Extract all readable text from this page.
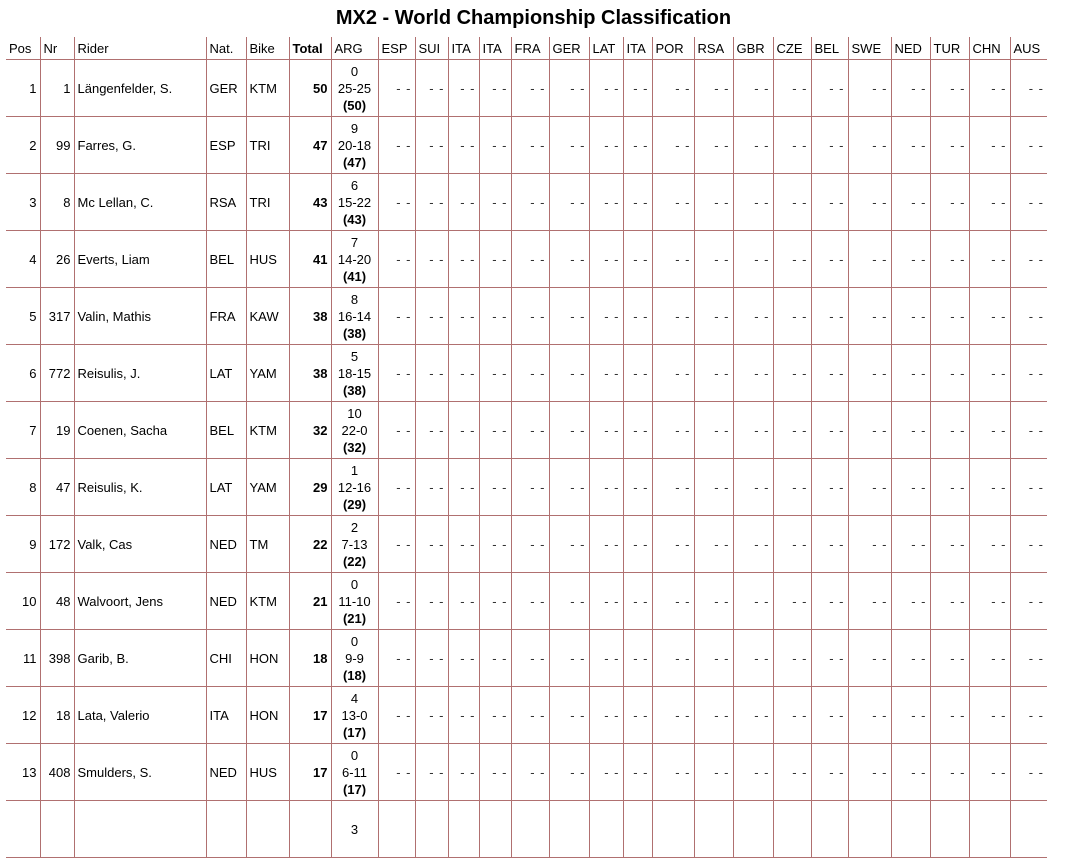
MX2 - World Championship Classification
Pos	Nr	Rider	Nat.	Bike	Total	ARG	ESP	SUI	ITA	ITA	FRA	GER	LAT	ITA	POR	RSA	GBR	CZE	BEL	SWE	NED	TUR	CHN	AUS
1	1	Längenfelder, S.	GER	KTM	50	0
25-25
(50)	- -	- -	- -	- -	- -	- -	- -	- -	- -	- -	- -	- -	- -	- -	- -	- -	- -	- -
2	99	Farres, G.	ESP	TRI	47	9
20-18
(47)	- -	- -	- -	- -	- -	- -	- -	- -	- -	- -	- -	- -	- -	- -	- -	- -	- -	- -
3	8	Mc Lellan, C.	RSA	TRI	43	6
15-22
(43)	- -	- -	- -	- -	- -	- -	- -	- -	- -	- -	- -	- -	- -	- -	- -	- -	- -	- -
4	26	Everts, Liam	BEL	HUS	41	7
14-20
(41)	- -	- -	- -	- -	- -	- -	- -	- -	- -	- -	- -	- -	- -	- -	- -	- -	- -	- -
5	317	Valin, Mathis	FRA	KAW	38	8
16-14
(38)	- -	- -	- -	- -	- -	- -	- -	- -	- -	- -	- -	- -	- -	- -	- -	- -	- -	- -
6	772	Reisulis, J.	LAT	YAM	38	5
18-15
(38)	- -	- -	- -	- -	- -	- -	- -	- -	- -	- -	- -	- -	- -	- -	- -	- -	- -	- -
7	19	Coenen, Sacha	BEL	KTM	32	10
22-0
(32)	- -	- -	- -	- -	- -	- -	- -	- -	- -	- -	- -	- -	- -	- -	- -	- -	- -	- -
8	47	Reisulis, K.	LAT	YAM	29	1
12-16
(29)	- -	- -	- -	- -	- -	- -	- -	- -	- -	- -	- -	- -	- -	- -	- -	- -	- -	- -
9	172	Valk, Cas	NED	TM	22	2
7-13
(22)	- -	- -	- -	- -	- -	- -	- -	- -	- -	- -	- -	- -	- -	- -	- -	- -	- -	- -
10	48	Walvoort, Jens	NED	KTM	21	0
11-10
(21)	- -	- -	- -	- -	- -	- -	- -	- -	- -	- -	- -	- -	- -	- -	- -	- -	- -	- -
11	398	Garib, B.	CHI	HON	18	0
9-9
(18)	- -	- -	- -	- -	- -	- -	- -	- -	- -	- -	- -	- -	- -	- -	- -	- -	- -	- -
12	18	Lata, Valerio	ITA	HON	17	4
13-0
(17)	- -	- -	- -	- -	- -	- -	- -	- -	- -	- -	- -	- -	- -	- -	- -	- -	- -	- -
13	408	Smulders, S.	NED	HUS	17	0
6-11
(17)	- -	- -	- -	- -	- -	- -	- -	- -	- -	- -	- -	- -	- -	- -	- -	- -	- -	- -

						3																		
